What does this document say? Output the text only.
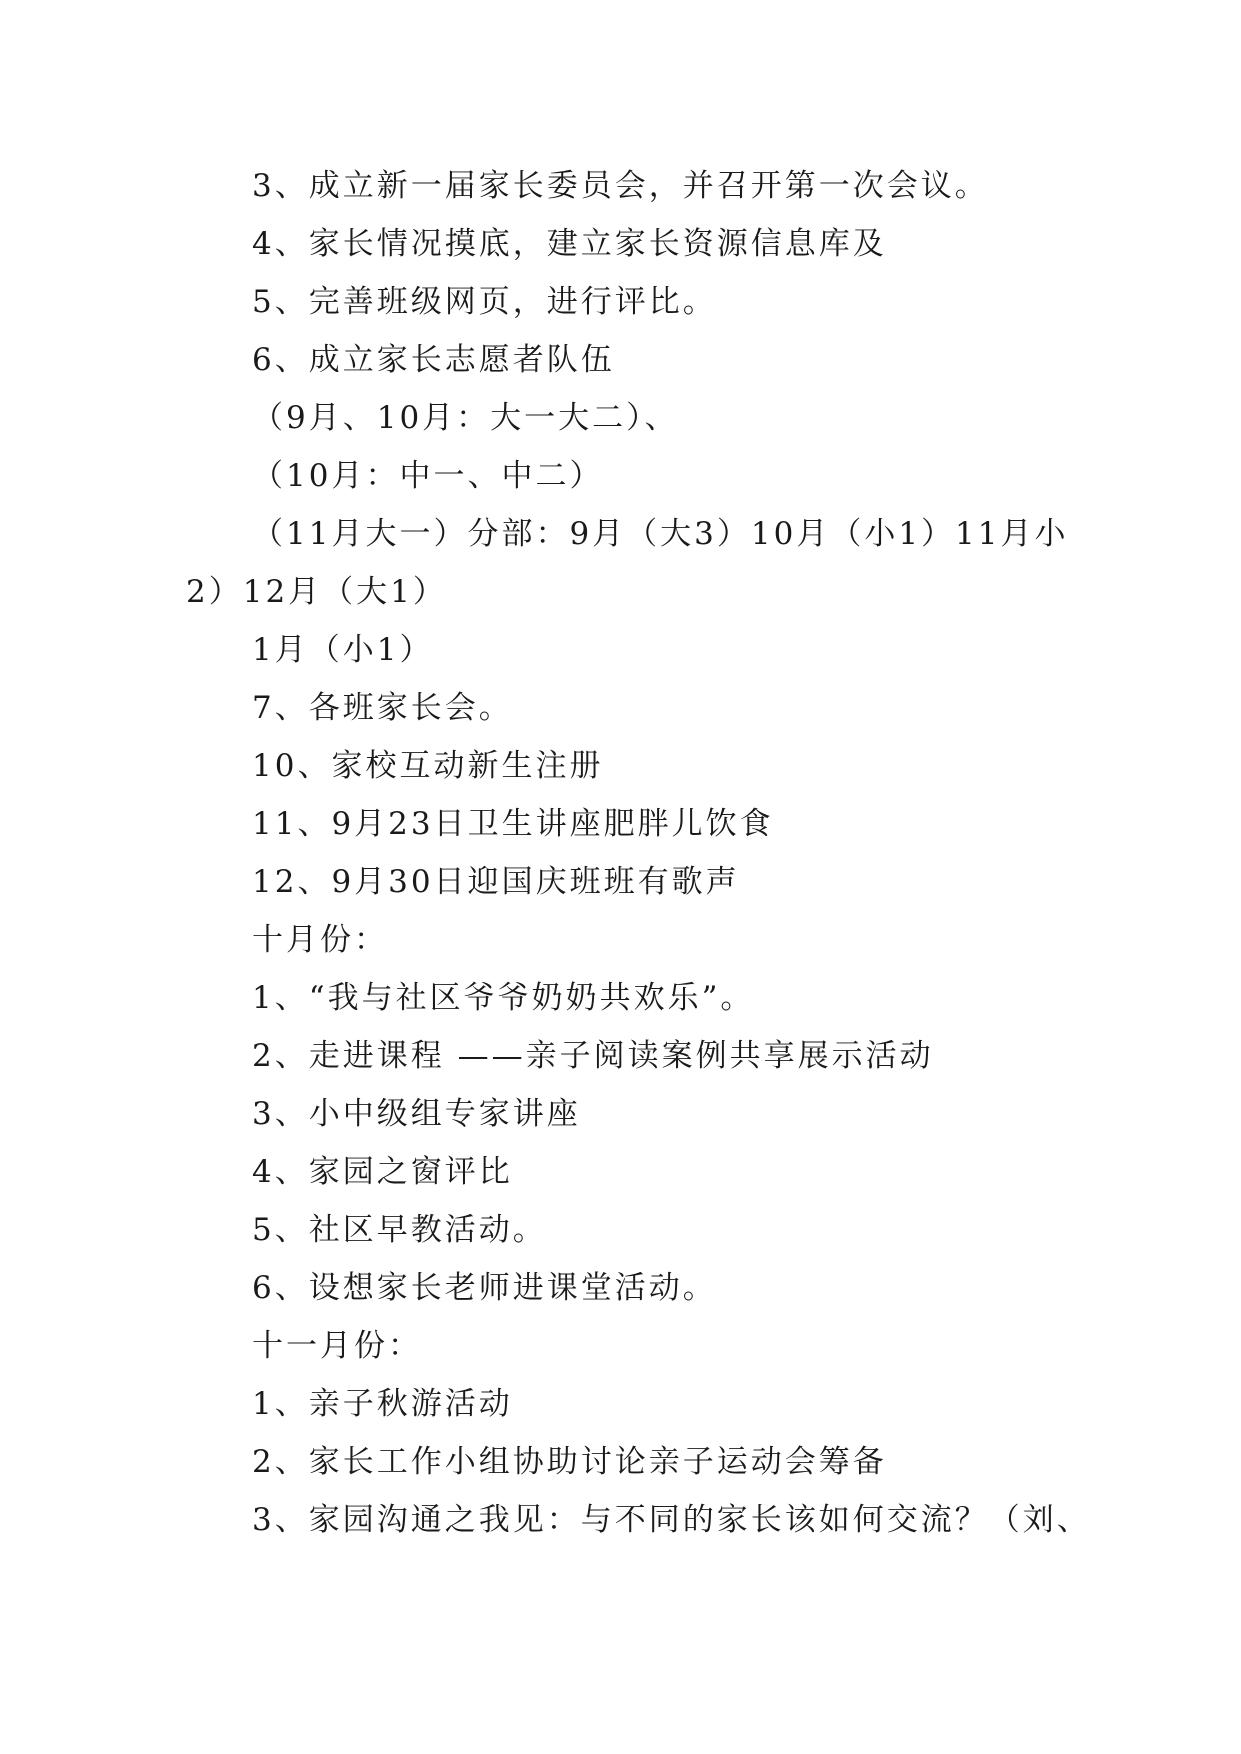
3、成立新一届家长委员会，并召开第一次会议。
4、家长情况摸底，建立家长资源信息库及
5、完善班级网页，进行评比。
6、成立家长志愿者队伍
（9月、10月：大一大二）、
（10月：中一、中二）
（11月大一）分部：9月（大3）10月（小1）11月小
2）12月（大1）
1月（小1）
7、各班家长会。
10、家校互动新生注册
11、9月23日卫生讲座肥胖儿饮食
12、9月30日迎国庆班班有歌声
十月份：
1、“我与社区爷爷奶奶共欢乐”。
2、走进课程 ——亲子阅读案例共享展示活动
3、小中级组专家讲座
4、家园之窗评比
5、社区早教活动。
6、设想家长老师进课堂活动。
十一月份：
1、亲子秋游活动
2、家长工作小组协助讨论亲子运动会筹备
3、家园沟通之我见：与不同的家长该如何交流？（刘、
